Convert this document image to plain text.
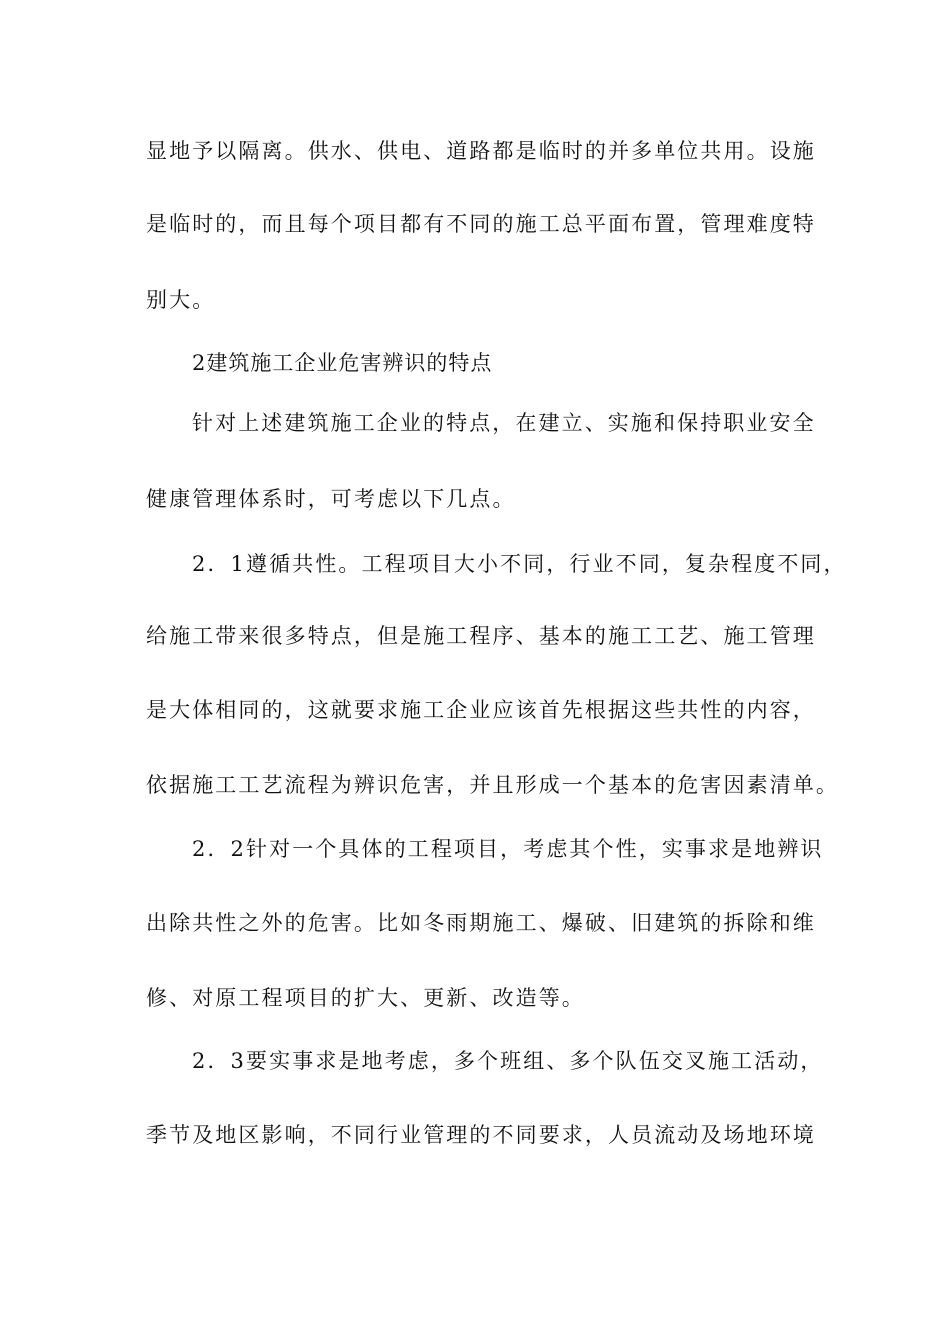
显地予以隔离。供水、供电、道路都是临时的并多单位共用。设施
是临时的，而且每个项目都有不同的施工总平面布置，管理难度特
别大。
2建筑施工企业危害辨识的特点
针对上述建筑施工企业的特点，在建立、实施和保持职业安全
健康管理体系时，可考虑以下几点。
2．1遵循共性。工程项目大小不同，行业不同，复杂程度不同，
给施工带来很多特点，但是施工程序、基本的施工工艺、施工管理
是大体相同的，这就要求施工企业应该首先根据这些共性的内容，
依据施工工艺流程为辨识危害，并且形成一个基本的危害因素清单。
2．2针对一个具体的工程项目，考虑其个性，实事求是地辨识
出除共性之外的危害。比如冬雨期施工、爆破、旧建筑的拆除和维
修、对原工程项目的扩大、更新、改造等。
2．3要实事求是地考虑，多个班组、多个队伍交叉施工活动，
季节及地区影响，不同行业管理的不同要求，人员流动及场地环境
